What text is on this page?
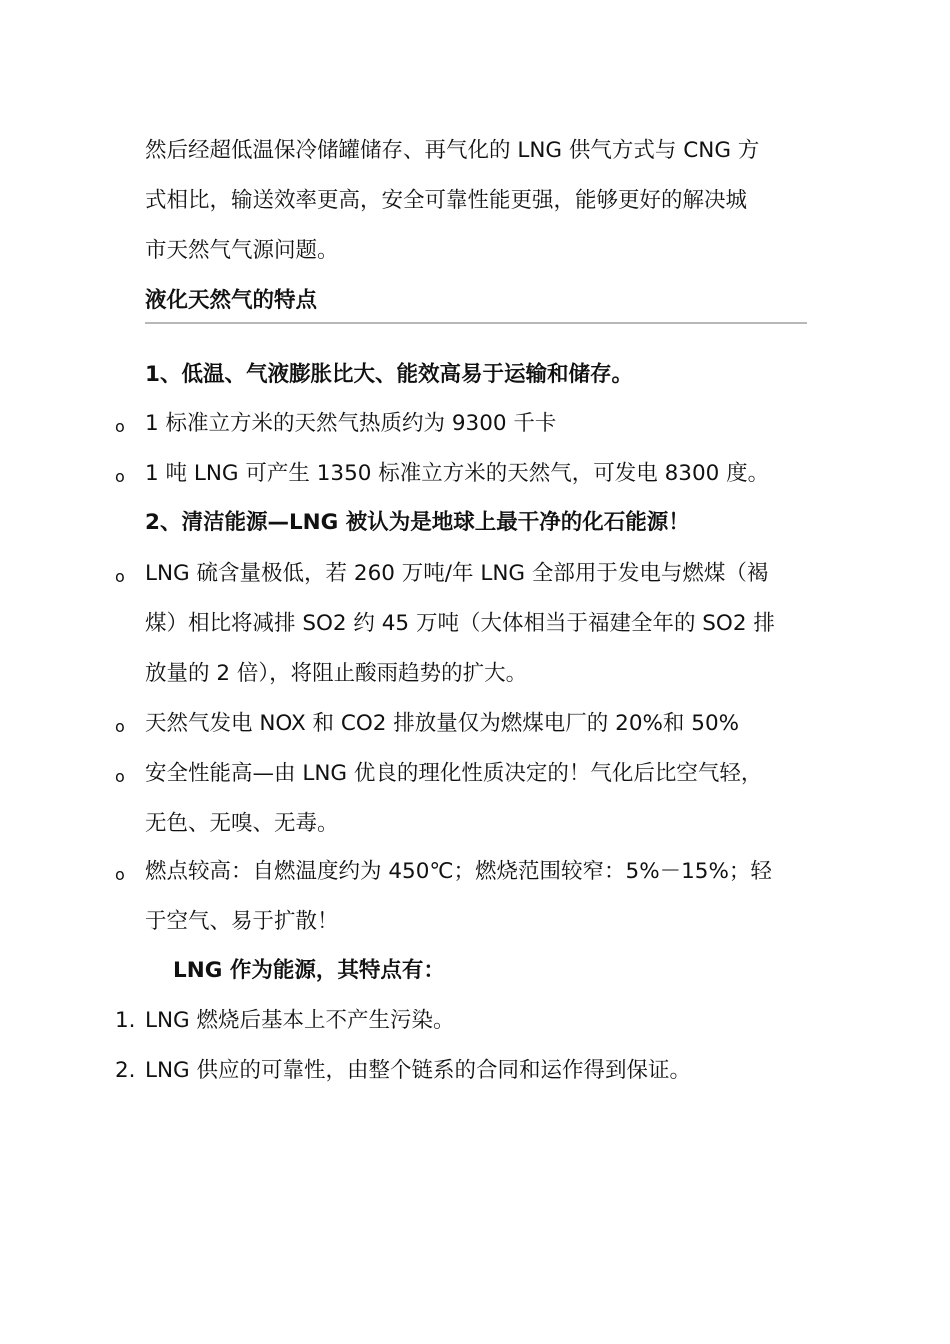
然后经超低温保冷储罐储存、再气化的 LNG 供气方式与 CNG 方
式相比，输送效率更高，安全可靠性能更强，能够更好的解决城
市天然气气源问题。
液化天然气的特点
1、低温、气液膨胀比大、能效高易于运输和储存。
o 1 标准立方米的天然气热质约为 9300 千卡
o 1 吨 LNG 可产生 1350 标准立方米的天然气，可发电 8300 度。
2、清洁能源—LNG 被认为是地球上最干净的化石能源！
o LNG 硫含量极低，若 260 万吨/年 LNG 全部用于发电与燃煤（褐
煤）相比将减排 SO2 约 45 万吨（大体相当于福建全年的 SO2 排
放量的 2 倍），将阻止酸雨趋势的扩大。
o 天然气发电 NOX 和 CO2 排放量仅为燃煤电厂的 20%和 50%
o 安全性能高—由 LNG 优良的理化性质决定的！气化后比空气轻，
无色、无嗅、无毒。
o 燃点较高：自燃温度约为 450℃；燃烧范围较窄：5%－15%；轻
于空气、易于扩散！
LNG 作为能源，其特点有：
1. LNG 燃烧后基本上不产生污染。
2. LNG 供应的可靠性，由整个链系的合同和运作得到保证。
